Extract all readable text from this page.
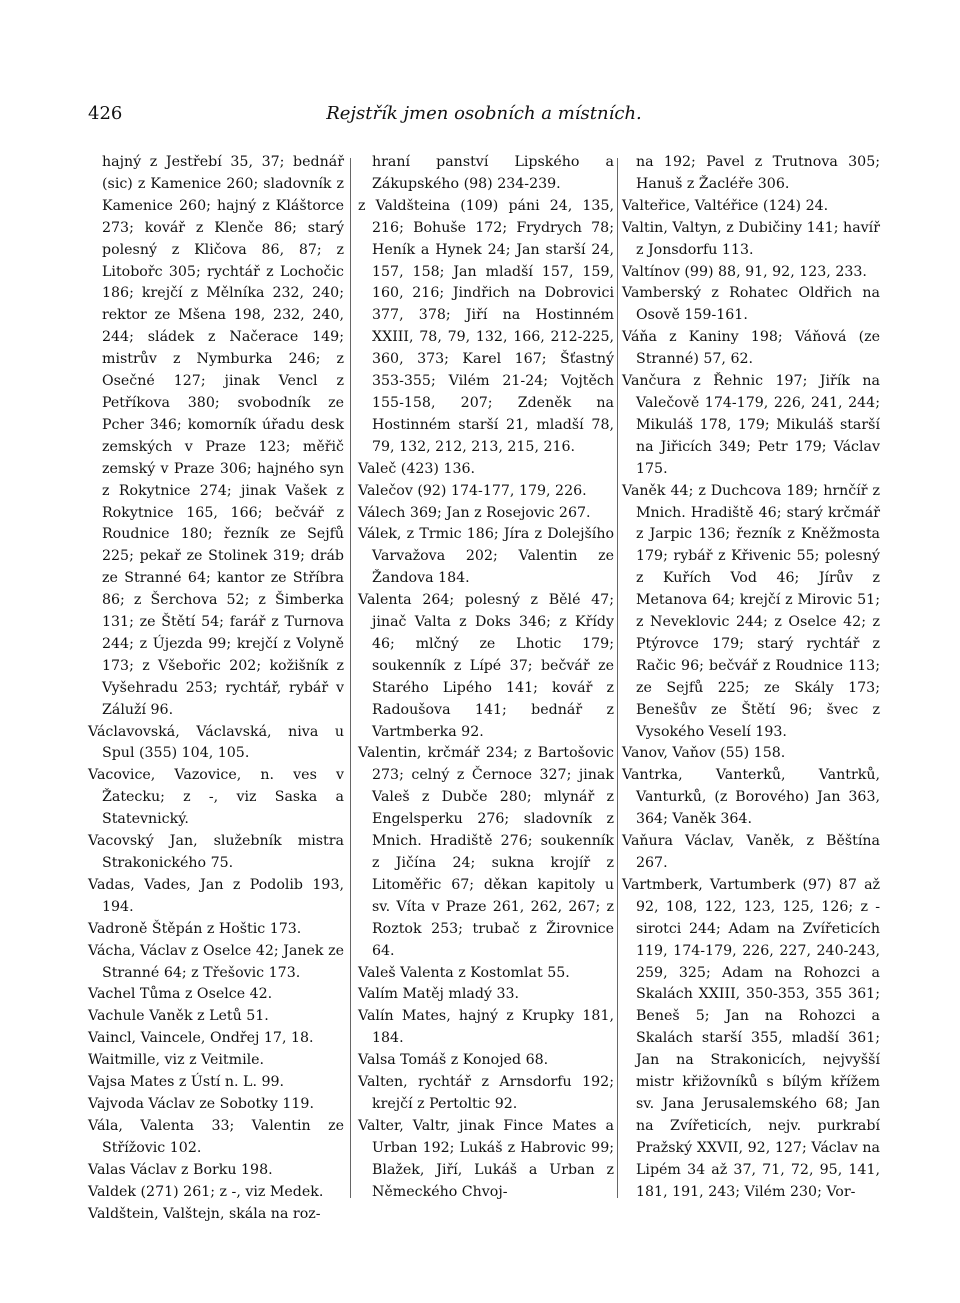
426	Rejstřík jmen osobních a místních.

hajný z Jestřebí 35, 37; bednář (sic) z Kamenice 260; sladovník z Kamenice 260; hajný z Kláštorce 273; kovář z Klenče 86; starý polesný z Kličova 86, 87; z Litobořc 305; rychtář z Lochočic 186; krejčí z Mělníka 232, 240; rektor ze Mšena 198, 232, 240, 244; sládek z Načerace 149; mistrův z Nymburka 246; z Osečné 127; jinak Vencl z Petříkova 380; svobodník ze Pcher 346; komorník úřadu desk zemských v Praze 123; měřič zemský v Praze 306; hajného syn z Rokytnice 274; jinak Vašek z Rokytnice 165, 166; bečvář z Roudnice 180; řezník ze Sejfů 225; pekař ze Stolinek 319; dráb ze Stranné 64; kantor ze Stříbra 86; z Šerchova 52; z Šimberka 131; ze Štětí 54; farář z Turnova 244; z Újezda 99; krejčí z Volyně 173; z Všebořic 202; kožišník z Vyšehradu 253; rychtář, rybář v Záluží 96.

Václavovská, Václavská, niva u Spul (355) 104, 105.

Vacovice, Vazovice, n. ves v Žatecku; z -, viz Saska a Statevnický.

Vacovský Jan, služebník mistra Strakonického 75.

Vadas, Vades, Jan z Podolib 193, 194.

Vadroně Štěpán z Hoštic 173.

Vácha, Václav z Oselce 42; Janek ze Stranné 64; z Třešovic 173.

Vachel Tůma z Oselce 42.

Vachule Vaněk z Letů 51.

Vaincl, Vaincele, Ondřej 17, 18.

Waitmille, viz z Veitmile.

Vajsa Mates z Ústí n. L. 99.

Vajvoda Václav ze Sobotky 119.

Vála, Valenta 33; Valentin ze Střížovic 102.

Valas Václav z Borku 198.

Valdek (271) 261; z -, viz Medek.

Valdštein, Valštejn, skála na roz-

hraní panství Lipského a Zákupského (98) 234-239.

z Valdšteina (109) páni 24, 135, 216; Bohuše 172; Frydrych 78; Heník a Hynek 24; Jan starší 24, 157, 158; Jan mladší 157, 159, 160, 216; Jindřich na Dobrovici 377, 378; Jiří na Hostinném XXIII, 78, 79, 132, 166, 212-225, 360, 373; Karel 167; Šťastný 353-355; Vilém 21-24; Vojtěch 155-158, 207; Zdeněk na Hostinném starší 21, mladší 78, 79, 132, 212, 213, 215, 216.

Valeč (423) 136.

Valečov (92) 174-177, 179, 226.

Válech 369; Jan z Rosejovic 267.

Válek, z Trmic 186; Jíra z Dolejšího Varvažova 202; Valentin ze Žandova 184.

Valenta 264; polesný z Bělé 47; jinač Valta z Doks 346; z Křídy 46; mlčný ze Lhotic 179; soukenník z Lípé 37; bečvář ze Starého Lipého 141; kovář z Radoušova 141; bednář z Vartmberka 92.

Valentin, krčmář 234; z Bartošovic 273; celný z Černoce 327; jinak Valeš z Dubče 280; mlynář z Engelsperku 276; sladovník z Mnich. Hradiště 276; soukenník z Jičína 24; sukna krojíř z Litoměřic 67; děkan kapitoly u sv. Víta v Praze 261, 262, 267; z Roztok 253; trubač z Žirovnice 64.

Valeš Valenta z Kostomlat 55.

Valím Matěj mladý 33.

Valín Mates, hajný z Krupky 181, 184.

Valsa Tomáš z Konojed 68.

Valten, rychtář z Arnsdorfu 192; krejčí z Pertoltic 92.

Valter, Valtr, jinak Fince Mates a Urban 192; Lukáš z Habrovic 99; Blažek, Jiří, Lukáš a Urban z Německého Chvoj-

na 192; Pavel z Trutnova 305; Hanuš z Žacléře 306.

Valteřice, Valtéřice (124) 24.

Valtin, Valtyn, z Dubičiny 141; havíř z Jonsdorfu 113.

Valtínov (99) 88, 91, 92, 123, 233.

Vamberský z Rohatec Oldřich na Osově 159-161.

Váňa z Kaniny 198; Váňová (ze Stranné) 57, 62.

Vančura z Řehnic 197; Jiřík na Valečově 174-179, 226, 241, 244; Mikuláš 178, 179; Mikuláš starší na Jiřicích 349; Petr 179; Václav 175.

Vaněk 44; z Duchcova 189; hrnčíř z Mnich. Hradiště 46; starý krčmář z Jarpic 136; řezník z Kněžmosta 179; rybář z Křivenic 55; polesný z Kuřích Vod 46; Jírův z Metanova 64; krejčí z Mirovic 51; z Neveklovic 244; z Oselce 42; z Ptýrovce 179; starý rychtář z Račic 96; bečvář z Roudnice 113; ze Sejfů 225; ze Skály 173; Benešův ze Štětí 96; švec z Vysokého Veselí 193.

Vanov, Vaňov (55) 158.

Vantrka, Vanterků, Vantrků, Vanturků, (z Borového) Jan 363, 364; Vaněk 364.

Vaňura Václav, Vaněk, z Běštína 267.

Vartmberk, Vartumberk (97) 87 až 92, 108, 122, 123, 125, 126; z - sirotci 244; Adam na Zvířeticích 119, 174-179, 226, 227, 240-243, 259, 325; Adam na Rohozci a Skalách XXIII, 350-353, 355 361; Beneš 5; Jan na Rohozci a Skalách starší 355, mladší 361; Jan na Strakonicích, nejvyšší mistr křižovníků s bílým křížem sv. Jana Jerusalemského 68; Jan na Zvířeticích, nejv. purkrabí Pražský XXVII, 92, 127; Václav na Lipém 34 až 37, 71, 72, 95, 141, 181, 191, 243; Vilém 230; Vor-
